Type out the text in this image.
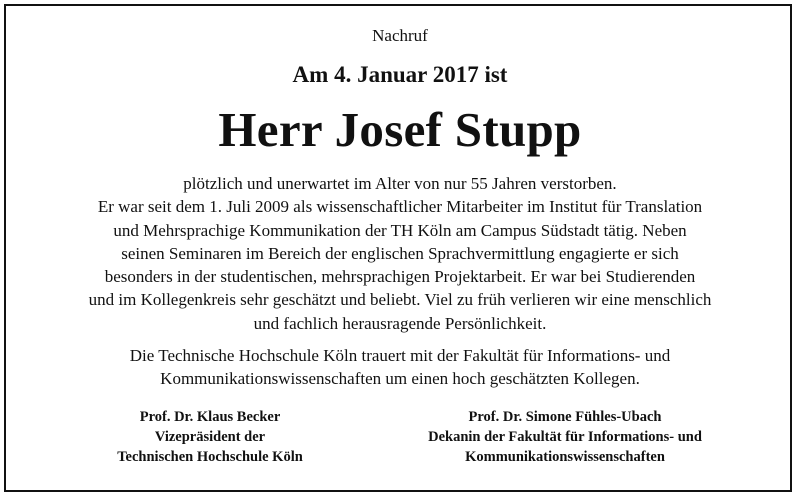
Nachruf
Am 4. Januar 2017 ist
Herr Josef Stupp

plötzlich und unerwartet im Alter von nur 55 Jahren verstorben.

Er war seit dem 1. Juli 2009 als wissenschaftlicher Mitarbeiter im Institut für Translation

und Mehrsprachige Kommunikation der TH Köln am Campus Südstadt tätig. Neben

seinen Seminaren im Bereich der englischen Sprachvermittlung engagierte er sich

besonders in der studentischen, mehrsprachigen Projektarbeit. Er war bei Studierenden

und im Kollegenkreis sehr geschätzt und beliebt. Viel zu früh verlieren wir eine menschlich

und fachlich herausragende Persönlichkeit.

Die Technische Hochschule Köln trauert mit der Fakultät für Informations- und

Kommunikationswissenschaften um einen hoch geschätzten Kollegen.

Prof. Dr. Klaus Becker
Vizepräsident der
Technischen Hochschule Köln
Prof. Dr. Simone Fühles-Ubach
Dekanin der Fakultät für Informations- und
Kommunikationswissenschaften
